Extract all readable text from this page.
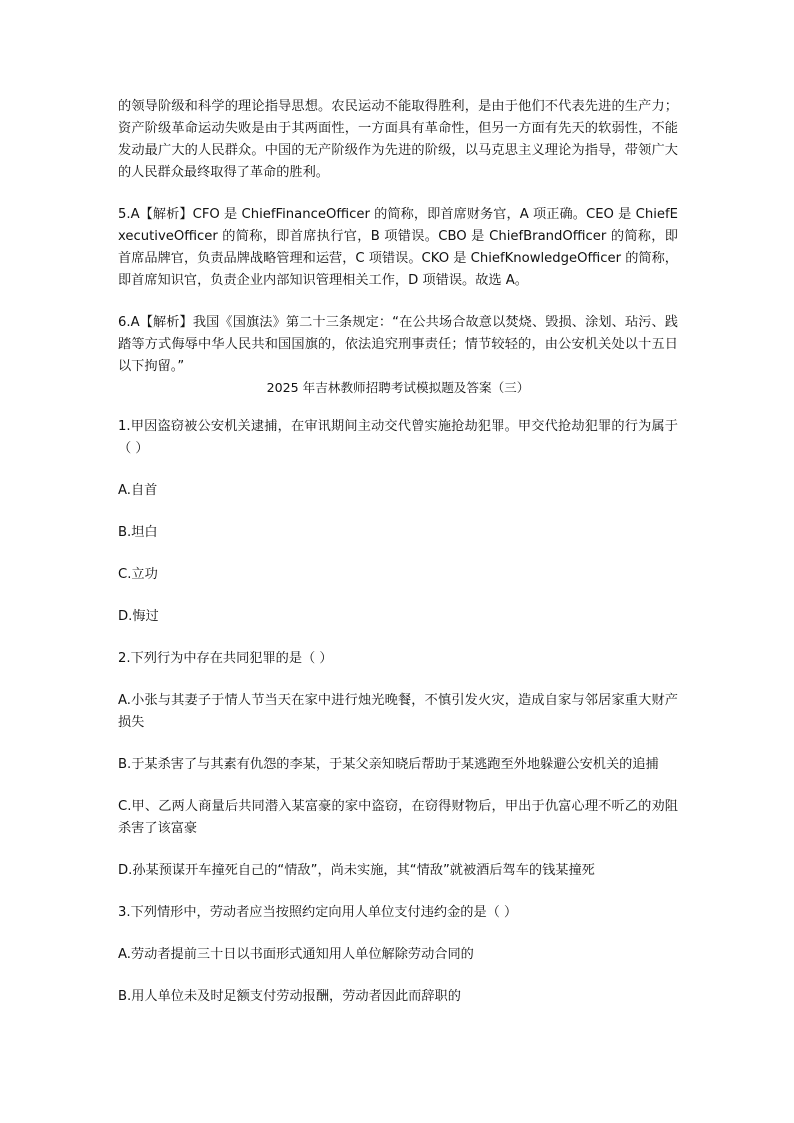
的领导阶级和科学的理论指导思想。农民运动不能取得胜利，是由于他们不代表先进的生产力；资产阶级革命运动失败是由于其两面性，一方面具有革命性，但另一方面有先天的软弱性，不能发动最广大的人民群众。中国的无产阶级作为先进的阶级，以马克思主义理论为指导，带领广大的人民群众最终取得了革命的胜利。

5.A【解析】CFO 是 ChiefFinanceOfficer 的简称，即首席财务官，A 项正确。CEO 是 ChiefExecutiveOfficer 的简称，即首席执行官，B 项错误。CBO 是 ChiefBrandOfficer 的简称，即首席品牌官，负责品牌战略管理和运营，C 项错误。CKO 是 ChiefKnowledgeOfficer 的简称，即首席知识官，负责企业内部知识管理相关工作，D 项错误。故选 A。

6.A【解析】我国《国旗法》第二十三条规定：“在公共场合故意以焚烧、毁损、涂划、玷污、践踏等方式侮辱中华人民共和国国旗的，依法追究刑事责任；情节较轻的，由公安机关处以十五日以下拘留。”

2025 年吉林教师招聘考试模拟题及答案（三）

1.甲因盗窃被公安机关逮捕，在审讯期间主动交代曾实施抢劫犯罪。甲交代抢劫犯罪的行为属于（ ）

A.自首

B.坦白

C.立功

D.悔过

2.下列行为中存在共同犯罪的是（ ）

A.小张与其妻子于情人节当天在家中进行烛光晚餐，不慎引发火灾，造成自家与邻居家重大财产损失

B.于某杀害了与其素有仇怨的李某，于某父亲知晓后帮助于某逃跑至外地躲避公安机关的追捕

C.甲、乙两人商量后共同潜入某富豪的家中盗窃，在窃得财物后，甲出于仇富心理不听乙的劝阻杀害了该富豪

D.孙某预谋开车撞死自己的“情敌”，尚未实施，其“情敌”就被酒后驾车的钱某撞死

3.下列情形中，劳动者应当按照约定向用人单位支付违约金的是（ ）

A.劳动者提前三十日以书面形式通知用人单位解除劳动合同的

B.用人单位未及时足额支付劳动报酬，劳动者因此而辞职的
